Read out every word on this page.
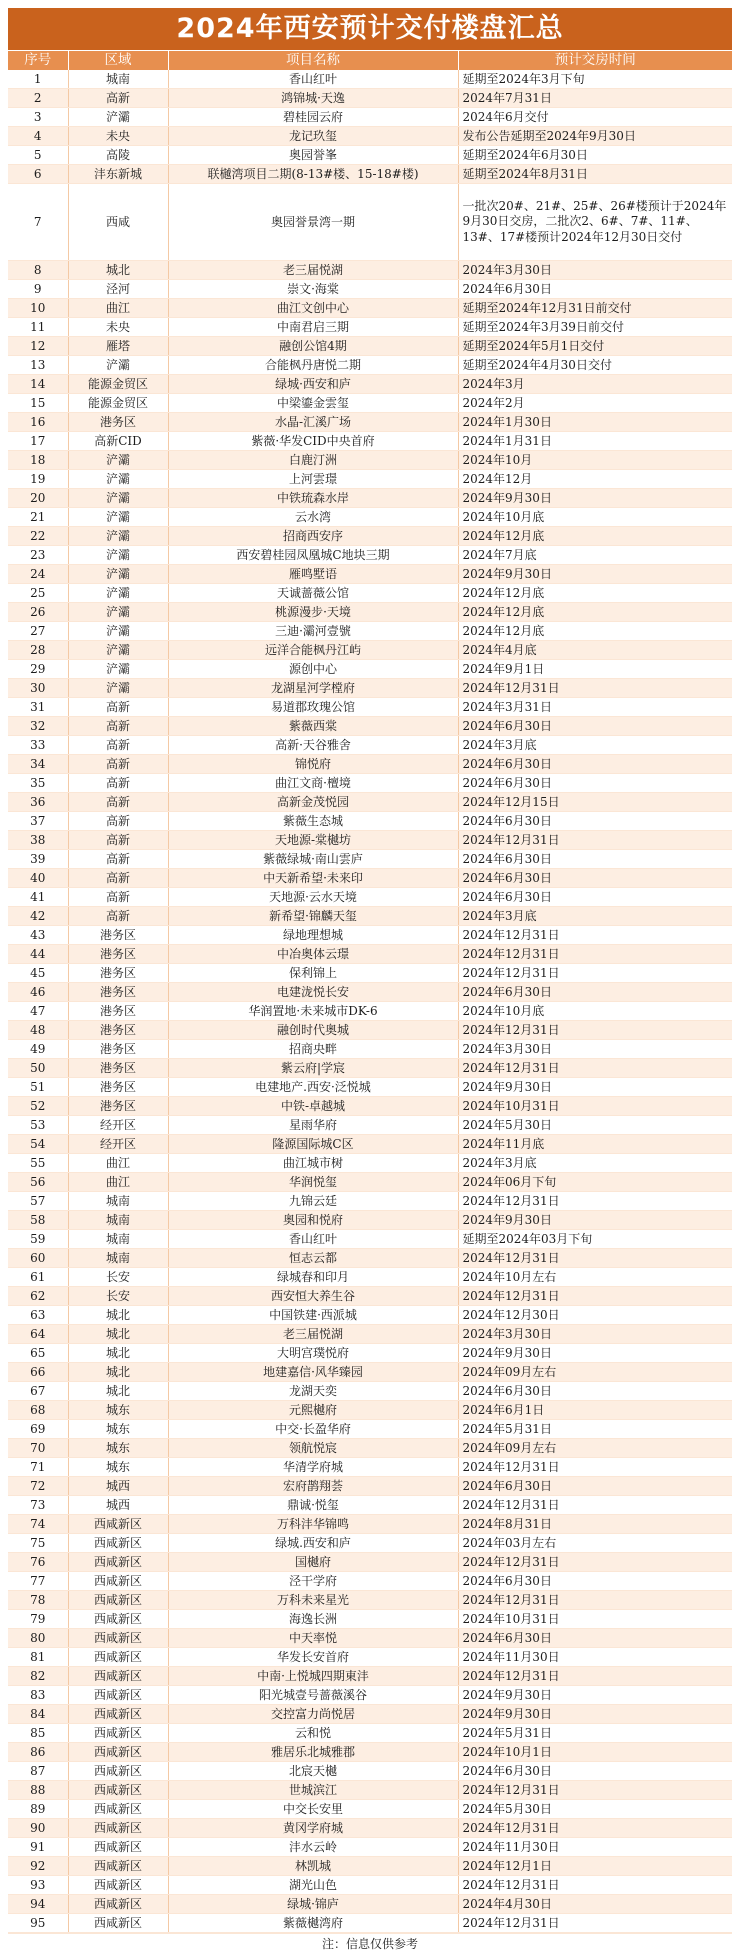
2024年西安预计交付楼盘汇总
序号	区域	项目名称	预计交房时间
1	城南	香山红叶	延期至2024年3月下旬
2	高新	鸿锦城·天逸	2024年7月31日
3	浐灞	碧桂园云府	2024年6月交付
4	未央	龙记玖玺	发布公告延期至2024年9月30日
5	高陵	奥园誉峯	延期至2024年6月30日
6	沣东新城	联樾湾项目二期(8-13#楼、15-18#楼)	延期至2024年8月31日
7	西咸	奥园誉景湾一期	一批次20#、21#、25#、26#楼预计于2024年9月30日交房，二批次2、6#、7#、11#、13#、17#楼预计2024年12月30日交付
8	城北	老三届悦湖	2024年3月30日
9	泾河	崇文·海棠	2024年6月30日
10	曲江	曲江文创中心	延期至2024年12月31日前交付
11	未央	中南君启三期	延期至2024年3月39日前交付
12	雁塔	融创公馆4期	延期至2024年5月1日交付
13	浐灞	合能枫丹唐悦二期	延期至2024年4月30日交付
14	能源金贸区	绿城·西安和庐	2024年3月
15	能源金贸区	中梁鎏金雲玺	2024年2月
16	港务区	水晶-汇溪广场	2024年1月30日
17	高新CID	紫薇·华发CID中央首府	2024年1月31日
18	浐灞	白鹿汀洲	2024年10月
19	浐灞	上河雲璟	2024年12月
20	浐灞	中铁琉森水岸	2024年9月30日
21	浐灞	云水湾	2024年10月底
22	浐灞	招商西安序	2024年12月底
23	浐灞	西安碧桂园凤凰城C地块三期	2024年7月底
24	浐灞	雁鸣墅语	2024年9月30日
25	浐灞	天诚蔷薇公馆	2024年12月底
26	浐灞	桃源漫步·天境	2024年12月底
27	浐灞	三迪·灞河壹號	2024年12月底
28	浐灞	远洋合能枫丹江屿	2024年4月底
29	浐灞	源创中心	2024年9月1日
30	浐灞	龙湖星河学樘府	2024年12月31日
31	高新	易道郡玫瑰公馆	2024年3月31日
32	高新	紫薇西棠	2024年6月30日
33	高新	高新·天谷雅舍	2024年3月底
34	高新	锦悦府	2024年6月30日
35	高新	曲江文商·檀境	2024年6月30日
36	高新	高新金茂悦园	2024年12月15日
37	高新	紫薇生态城	2024年6月30日
38	高新	天地源-棠樾坊	2024年12月31日
39	高新	紫薇绿城·南山雲庐	2024年6月30日
40	高新	中天新希望·未来印	2024年6月30日
41	高新	天地源·云水天境	2024年6月30日
42	高新	新希望·锦麟天玺	2024年3月底
43	港务区	绿地理想城	2024年12月31日
44	港务区	中冶奥体云璟	2024年12月31日
45	港务区	保利锦上	2024年12月31日
46	港务区	电建泷悦长安	2024年6月30日
47	港务区	华润置地·未来城市DK-6	2024年10月底
48	港务区	融创时代奥城	2024年12月31日
49	港务区	招商央畔	2024年3月30日
50	港务区	紫云府|学宸	2024年12月31日
51	港务区	电建地产.西安·泛悦城	2024年9月30日
52	港务区	中铁-卓越城	2024年10月31日
53	经开区	星雨华府	2024年5月30日
54	经开区	隆源国际城C区	2024年11月底
55	曲江	曲江城市树	2024年3月底
56	曲江	华润悦玺	2024年06月下旬
57	城南	九锦云廷	2024年12月31日
58	城南	奥园和悦府	2024年9月30日
59	城南	香山红叶	延期至2024年03月下旬
60	城南	恒志云都	2024年12月31日
61	长安	绿城春和印月	2024年10月左右
62	长安	西安恒大养生谷	2024年12月31日
63	城北	中国铁建·西派城	2024年12月30日
64	城北	老三届悦湖	2024年3月30日
65	城北	大明宫璞悦府	2024年9月30日
66	城北	地建嘉信·风华臻园	2024年09月左右
67	城北	龙湖天奕	2024年6月30日
68	城东	元熙樾府	2024年6月1日
69	城东	中交·长盈华府	2024年5月31日
70	城东	领航悦宸	2024年09月左右
71	城东	华清学府城	2024年12月31日
72	城西	宏府鹊翔荟	2024年6月30日
73	城西	鼎诚·悦玺	2024年12月31日
74	西咸新区	万科沣华锦鸣	2024年8月31日
75	西咸新区	绿城.西安和庐	2024年03月左右
76	西咸新区	国樾府	2024年12月31日
77	西咸新区	泾干学府	2024年6月30日
78	西咸新区	万科未来星光	2024年12月31日
79	西咸新区	海逸长洲	2024年10月31日
80	西咸新区	中天率悦	2024年6月30日
81	西咸新区	华发长安首府	2024年11月30日
82	西咸新区	中南·上悦城四期東沣	2024年12月31日
83	西咸新区	阳光城壹号蔷薇溪谷	2024年9月30日
84	西咸新区	交控富力尚悦居	2024年9月30日
85	西咸新区	云和悦	2024年5月31日
86	西咸新区	雅居乐北城雅郡	2024年10月1日
87	西咸新区	北宸天樾	2024年6月30日
88	西咸新区	世城滨江	2024年12月31日
89	西咸新区	中交长安里	2024年5月30日
90	西咸新区	黄冈学府城	2024年12月31日
91	西咸新区	沣水云岭	2024年11月30日
92	西咸新区	林凯城	2024年12月1日
93	西咸新区	湖光山色	2024年12月31日
94	西咸新区	绿城·锦庐	2024年4月30日
95	西咸新区	紫薇樾湾府	2024年12月31日
注：信息仅供参考
